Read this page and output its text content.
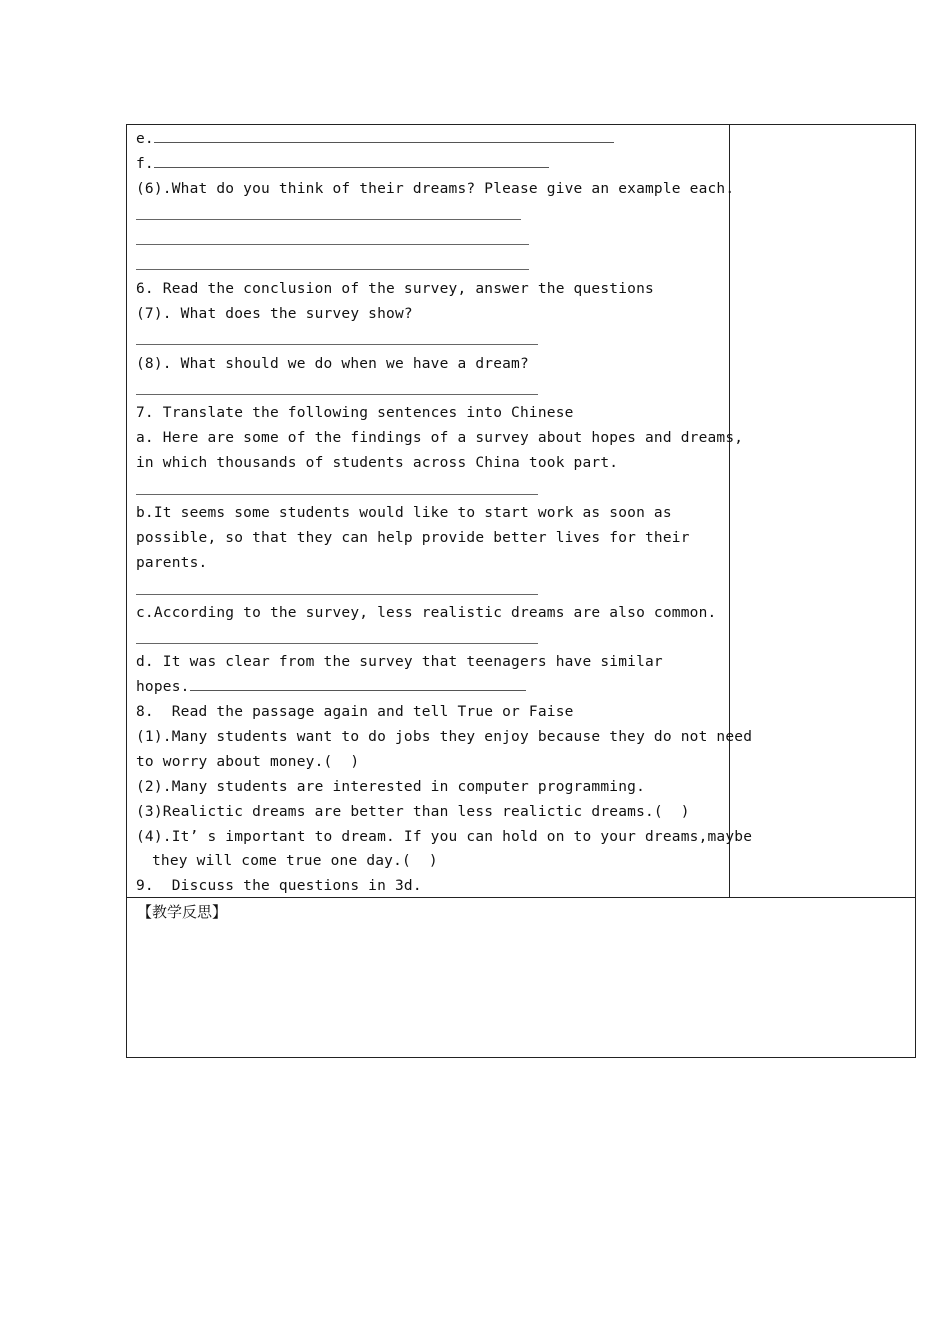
e.
f.
(6).What do you think of their dreams? Please give an example each.
6. Read the conclusion of the survey, answer the questions
(7). What does the survey show?
(8). What should we do when we have a dream?
7. Translate the following sentences into Chinese
a. Here are some of the findings of a survey about hopes and dreams,
in which thousands of students across China took part.
b.It seems some students would like to start work as soon as
possible, so that they can help provide better lives for their
parents.
c.According to the survey, less realistic dreams are also common.
d. It was clear from the survey that teenagers have similar
hopes.
8.  Read the passage again and tell True or Faise
(1).Many students want to do jobs they enjoy because they do not need
to worry about money.(  )
(2).Many students are interested in computer programming.
(3)Realictic dreams are better than less realictic dreams.(  )
(4).It’ s important to dream. If you can hold on to your dreams,maybe
they will come true one day.(  )
9.  Discuss the questions in 3d.
【教学反思】
